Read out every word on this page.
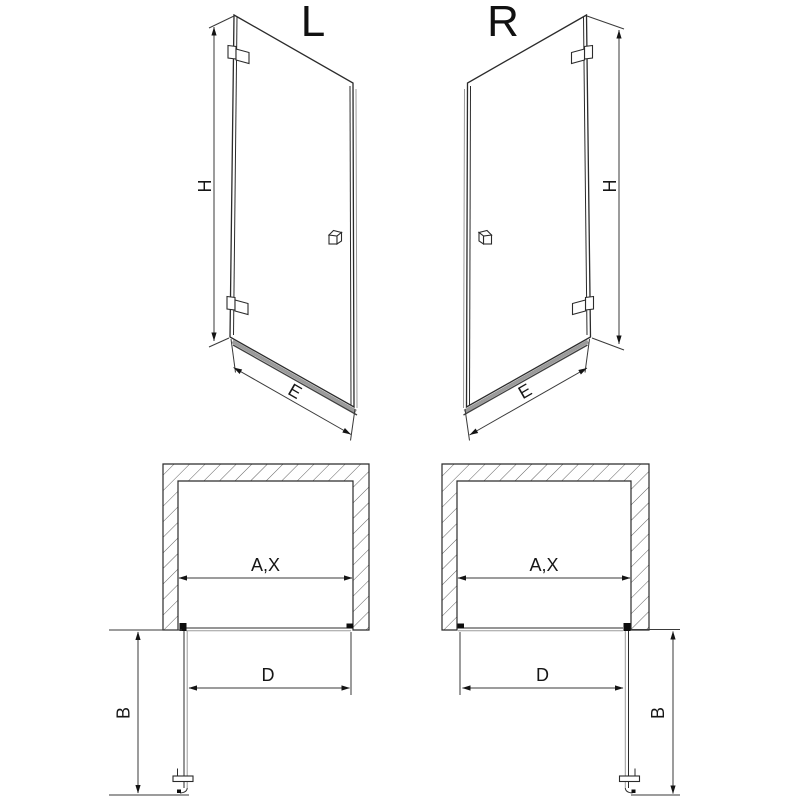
L
H
E
R
H
E
A,X
D
B
A,X
D
B
